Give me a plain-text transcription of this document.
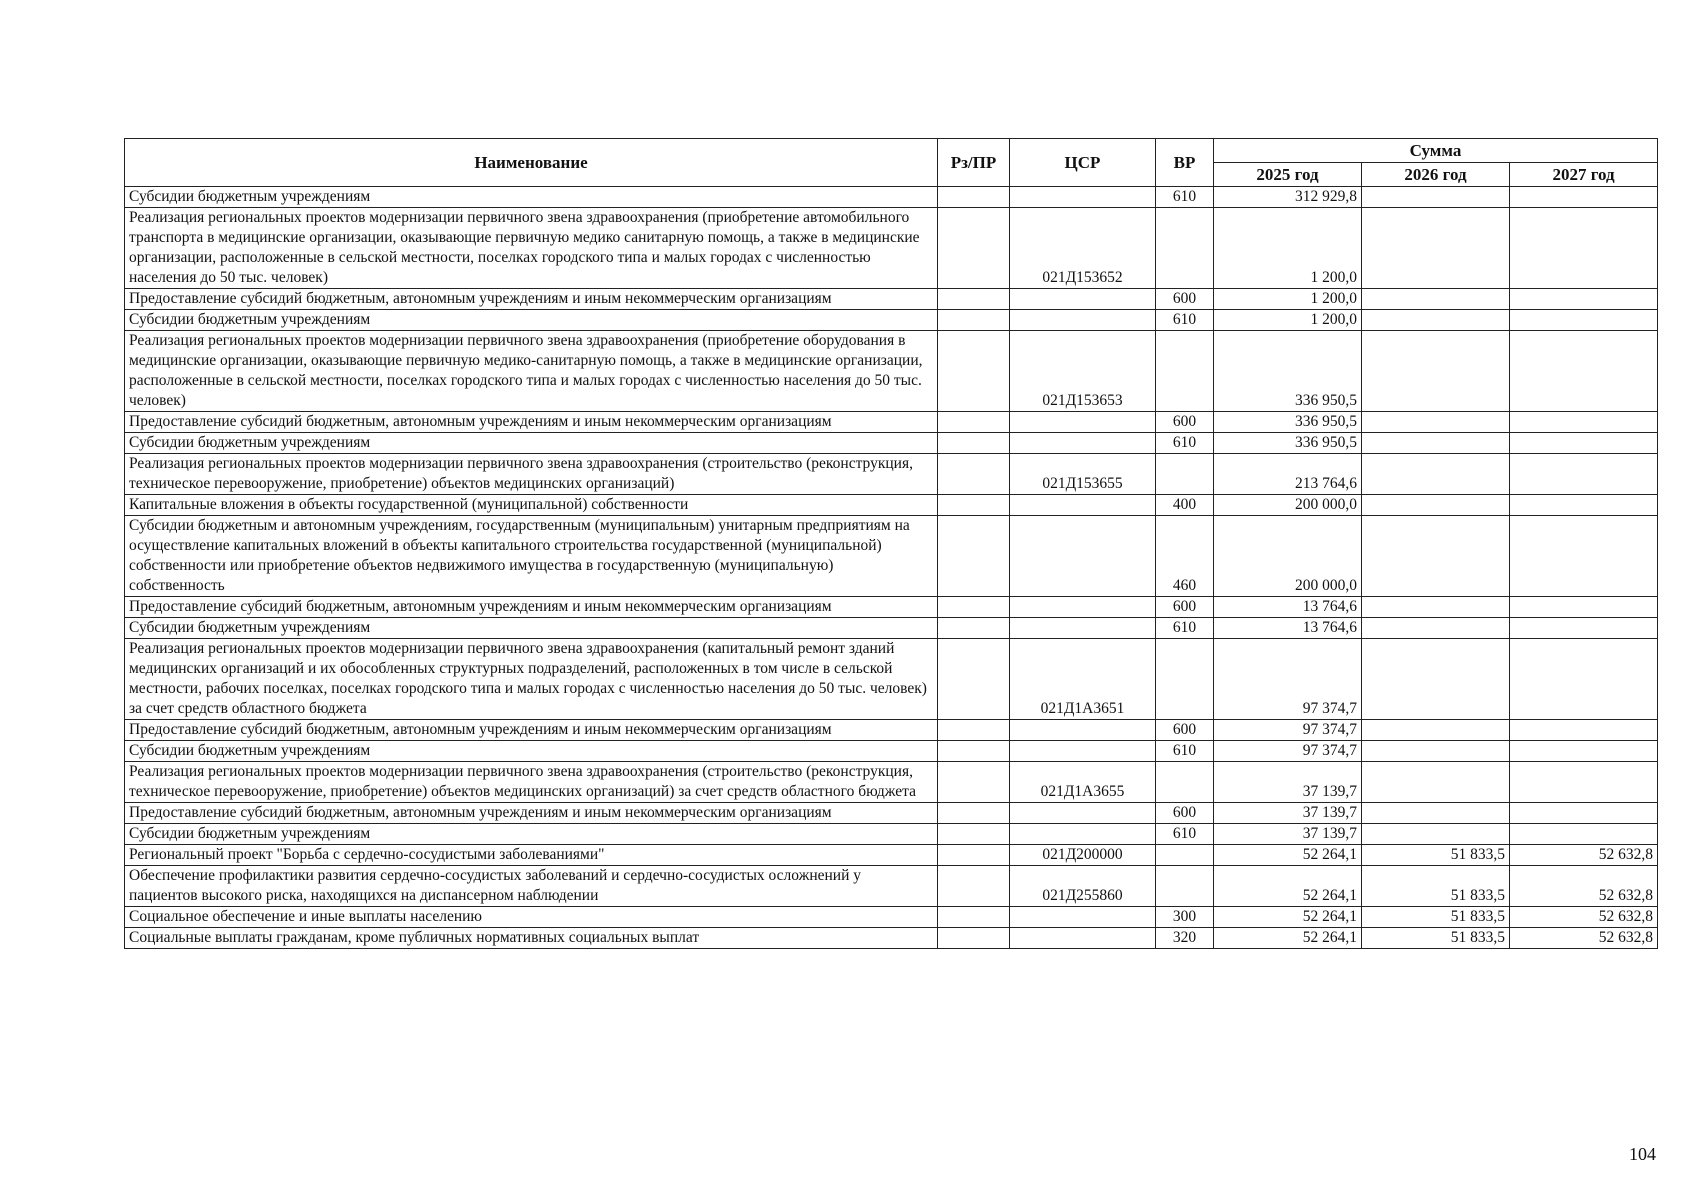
Наименование	Рз/ПР	ЦСР	ВР	Сумма		
				2025 год	2026 год	2027 год
Субсидии бюджетным учреждениям			610	312 929,8		
Реализация региональных проектов модернизации первичного звена здравоохранения (приобретение автомобильного транспорта в медицинские организации, оказывающие первичную медико санитарную помощь, а также в медицинские организации, расположенные в сельской местности, поселках городского типа и малых городах с численностью населения до 50 тыс. человек)		021Д153652		1 200,0		
Предоставление субсидий бюджетным, автономным учреждениям и иным некоммерческим организациям			600	1 200,0		
Субсидии бюджетным учреждениям			610	1 200,0		
Реализация региональных проектов модернизации первичного звена здравоохранения (приобретение оборудования в медицинские организации, оказывающие первичную медико-санитарную помощь, а также в медицинские организации, расположенные в сельской местности, поселках городского типа и малых городах с численностью населения до 50 тыс. человек)		021Д153653		336 950,5		
Предоставление субсидий бюджетным, автономным учреждениям и иным некоммерческим организациям			600	336 950,5		
Субсидии бюджетным учреждениям			610	336 950,5		
Реализация региональных проектов модернизации первичного звена здравоохранения (строительство (реконструкция, техническое перевооружение, приобретение) объектов медицинских организаций)		021Д153655		213 764,6		
Капитальные вложения в объекты государственной (муниципальной) собственности			400	200 000,0		
Субсидии бюджетным и автономным учреждениям, государственным (муниципальным) унитарным предприятиям на осуществление капитальных вложений в объекты капитального строительства государственной (муниципальной) собственности или приобретение объектов недвижимого имущества в государственную (муниципальную) собственность			460	200 000,0		
Предоставление субсидий бюджетным, автономным учреждениям и иным некоммерческим организациям			600	13 764,6		
Субсидии бюджетным учреждениям			610	13 764,6		
Реализация региональных проектов модернизации первичного звена здравоохранения (капитальный ремонт зданий медицинских организаций и их обособленных структурных подразделений, расположенных в том числе в сельской местности, рабочих поселках, поселках городского типа и малых городах с численностью населения до 50 тыс. человек) за счет средств областного бюджета		021Д1А3651		97 374,7		
Предоставление субсидий бюджетным, автономным учреждениям и иным некоммерческим организациям			600	97 374,7		
Субсидии бюджетным учреждениям			610	97 374,7		
Реализация региональных проектов модернизации первичного звена здравоохранения (строительство (реконструкция, техническое перевооружение, приобретение) объектов медицинских организаций) за счет средств областного бюджета		021Д1А3655		37 139,7		
Предоставление субсидий бюджетным, автономным учреждениям и иным некоммерческим организациям			600	37 139,7		
Субсидии бюджетным учреждениям			610	37 139,7		
Региональный проект "Борьба с сердечно-сосудистыми заболеваниями"		021Д200000		52 264,1	51 833,5	52 632,8
Обеспечение профилактики развития сердечно-сосудистых заболеваний и сердечно-сосудистых осложнений у пациентов высокого риска, находящихся на диспансерном наблюдении		021Д255860		52 264,1	51 833,5	52 632,8
Социальное обеспечение и иные выплаты населению			300	52 264,1	51 833,5	52 632,8
Социальные выплаты гражданам, кроме публичных нормативных социальных выплат			320	52 264,1	51 833,5	52 632,8
104
